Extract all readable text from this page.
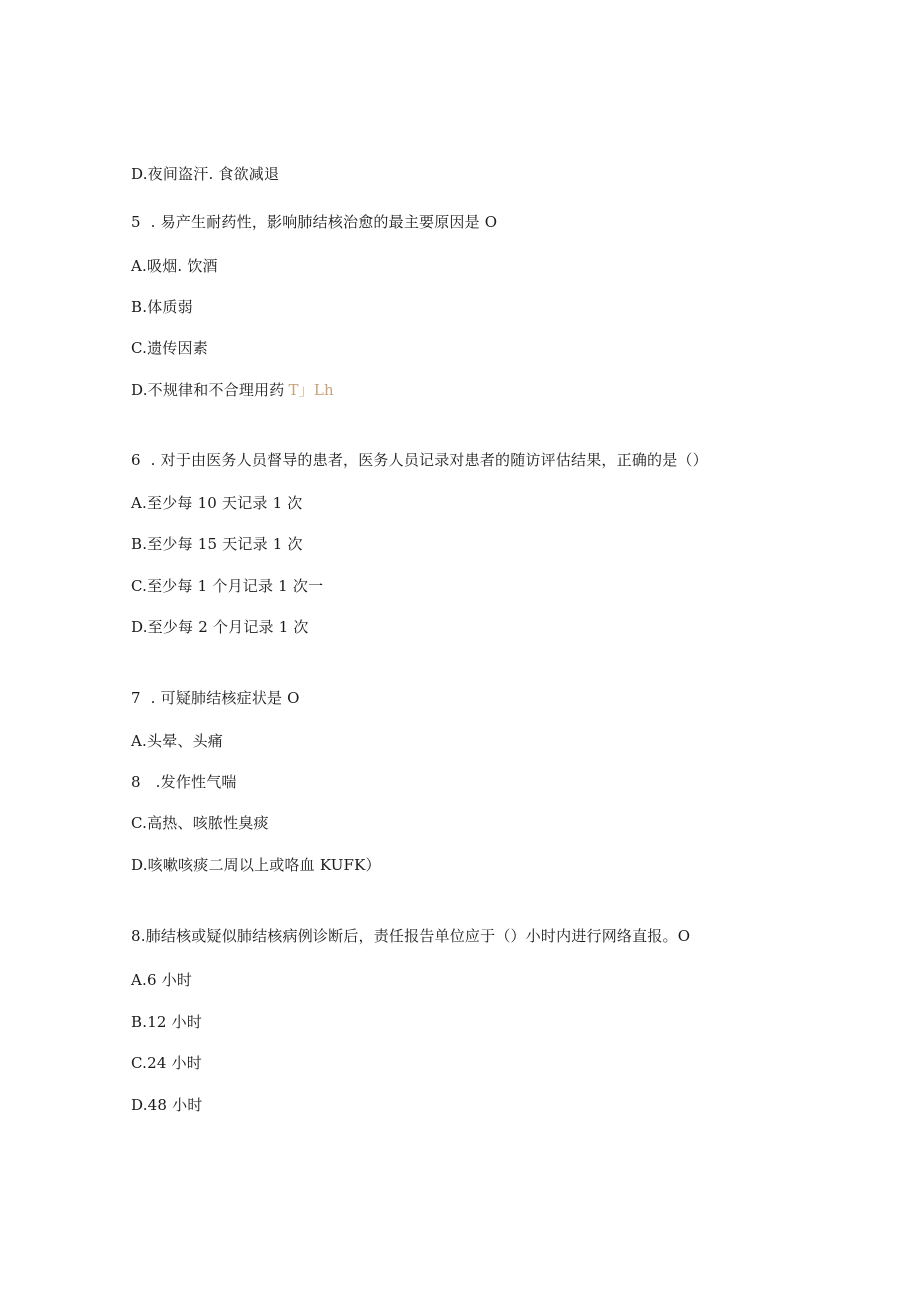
D.夜间盗汗. 食欲减退
5  . 易产生耐药性，影响肺结核治愈的最主要原因是 O
A.吸烟. 饮酒
B.体质弱
C.遗传因素
D.不规律和不合理用药 T」Lh
6  . 对于由医务人员督导的患者，医务人员记录对患者的随访评估结果，正确的是（）
A.至少每 10 天记录 1 次
B.至少每 15 天记录 1 次
C.至少每 1 个月记录 1 次一
D.至少每 2 个月记录 1 次
7  . 可疑肺结核症状是 O
A.头晕、头痛
8   .发作性气喘
C.高热、咳脓性臭痰
D.咳嗽咳痰二周以上或咯血 KUFK）
8.肺结核或疑似肺结核病例诊断后，责任报告单位应于（）小时内进行网络直报。O
A.6 小时
B.12 小时
C.24 小时
D.48 小时
